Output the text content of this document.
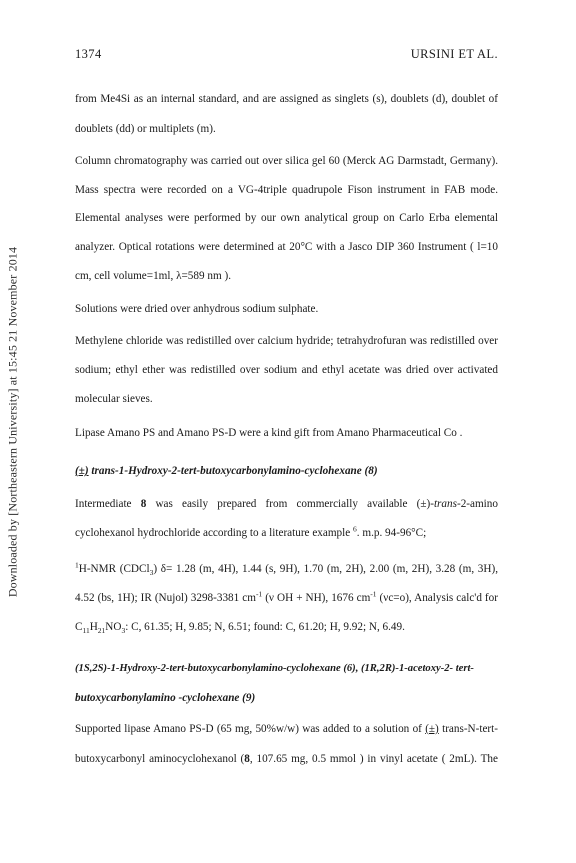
Downloaded by [Northeastern University] at 15:45 21 November 2014
1374	URSINI ET AL.
from Me4Si as an internal standard, and are assigned as singlets (s), doublets (d), doublet of
doublets (dd) or multiplets (m).
Column chromatography was carried out over silica gel 60 (Merck AG Darmstadt, Germany).
Mass spectra were recorded on a VG-4triple quadrupole Fison instrument in FAB mode.
Elemental analyses were performed by our own analytical group on Carlo Erba elemental
analyzer. Optical rotations were determined at 20°C with a Jasco DIP 360 Instrument ( l=10
cm, cell volume=1ml, λ=589 nm ).
Solutions were dried over anhydrous sodium sulphate.
Methylene chloride was redistilled over calcium hydride; tetrahydrofuran was redistilled over
sodium; ethyl ether was redistilled over sodium and ethyl acetate was dried over activated
molecular sieves.
Lipase Amano PS and Amano PS-D were a kind gift from Amano Pharmaceutical Co .
(±) trans-1-Hydroxy-2-tert-butoxycarbonylamino-cyclohexane (8)
Intermediate 8 was easily prepared from commercially available (±)-trans-2-amino
cyclohexanol hydrochloride according to a literature example $^6$. m.p. 94-96°C;
$^1$H-NMR (CDCl$_3$) δ= 1.28 (m, 4H), 1.44 (s, 9H), 1.70 (m, 2H), 2.00 (m, 2H), 3.28 (m, 3H),
4.52 (bs, 1H); IR (Nujol) 3298-3381 $cm^{-1}$ (ν OH + NH), 1676 $cm^{-1}$ (νc=o), Analysis calc'd for
$C_{11}H_{21}NO_3$: C, 61.35; H, 9.85; N, 6.51; found: C, 61.20; H, 9.92; N, 6.49.
(1S,2S)-1-Hydroxy-2-tert-butoxycarbonylamino-cyclohexane (6), (1R,2R)-1-acetoxy-2- tert-
butoxycarbonylamino -cyclohexane (9)
Supported lipase Amano PS-D (65 mg, 50%w/w) was added to a solution of (±) trans-N-tert-
butoxycarbonyl aminocyclohexanol (8, 107.65 mg, 0.5 mmol ) in vinyl acetate ( 2mL). The
